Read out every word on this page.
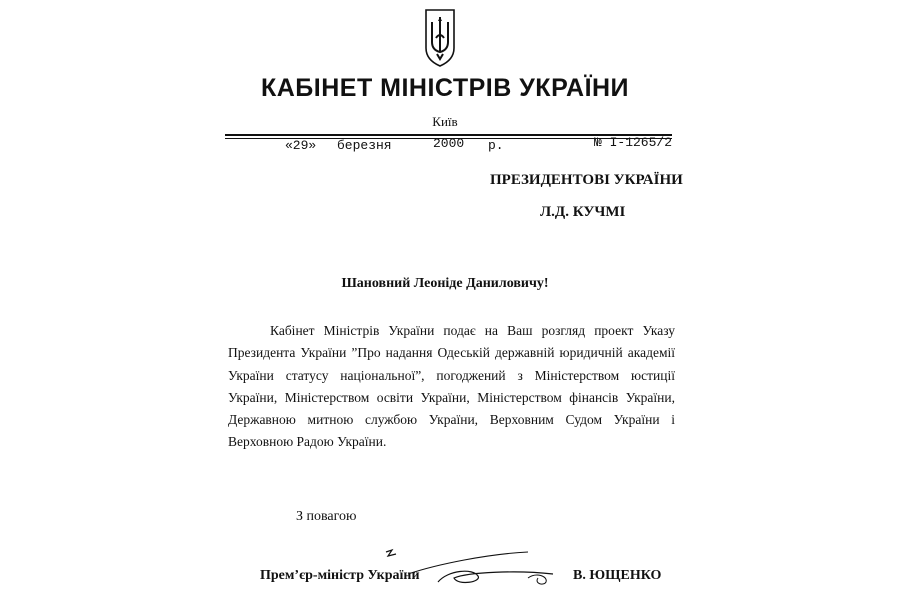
КАБІНЕТ МІНІСТРІВ УКРАЇНИ
Київ
«29» березня	2000 р.	№ І-1265/2
ПРЕЗИДЕНТОВІ УКРАЇНИ
Л.Д. КУЧМІ
Шановний Леоніде Даниловичу!
Кабінет Міністрів України подає на Ваш розгляд проект Указу Президента України ”Про надання Одеській державній юридичній академії України статусу національної”, погоджений з Міністерством юстиції України, Міністерством освіти України, Міністерством фінансів України, Державною митною службою України, Верховним Судом України і Верховною Радою України.
З повагою
Прем’єр-міністр України	В. ЮЩЕНКО
